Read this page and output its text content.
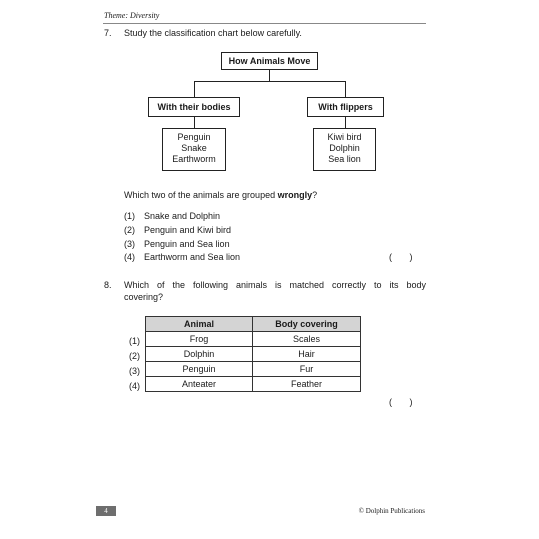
Theme: Diversity
7. Study the classification chart below carefully.
How Animals Move
With their bodies	With flippers
Penguin
Snake
Earthworm
Kiwi bird
Dolphin
Sea lion
Which two of the animals are grouped wrongly?
(1) Snake and Dolphin
(2) Penguin and Kiwi bird
(3) Penguin and Sea lion
(4) Earthworm and Sea lion	(       )
8. Which of the following animals is matched correctly to its body
covering?
Animal	Body covering
Frog	Scales
Dolphin	Hair
Penguin	Fur
Anteater	Feather
(1)
(2)
(3)
(4)
(       )
4	© Dolphin Publications
